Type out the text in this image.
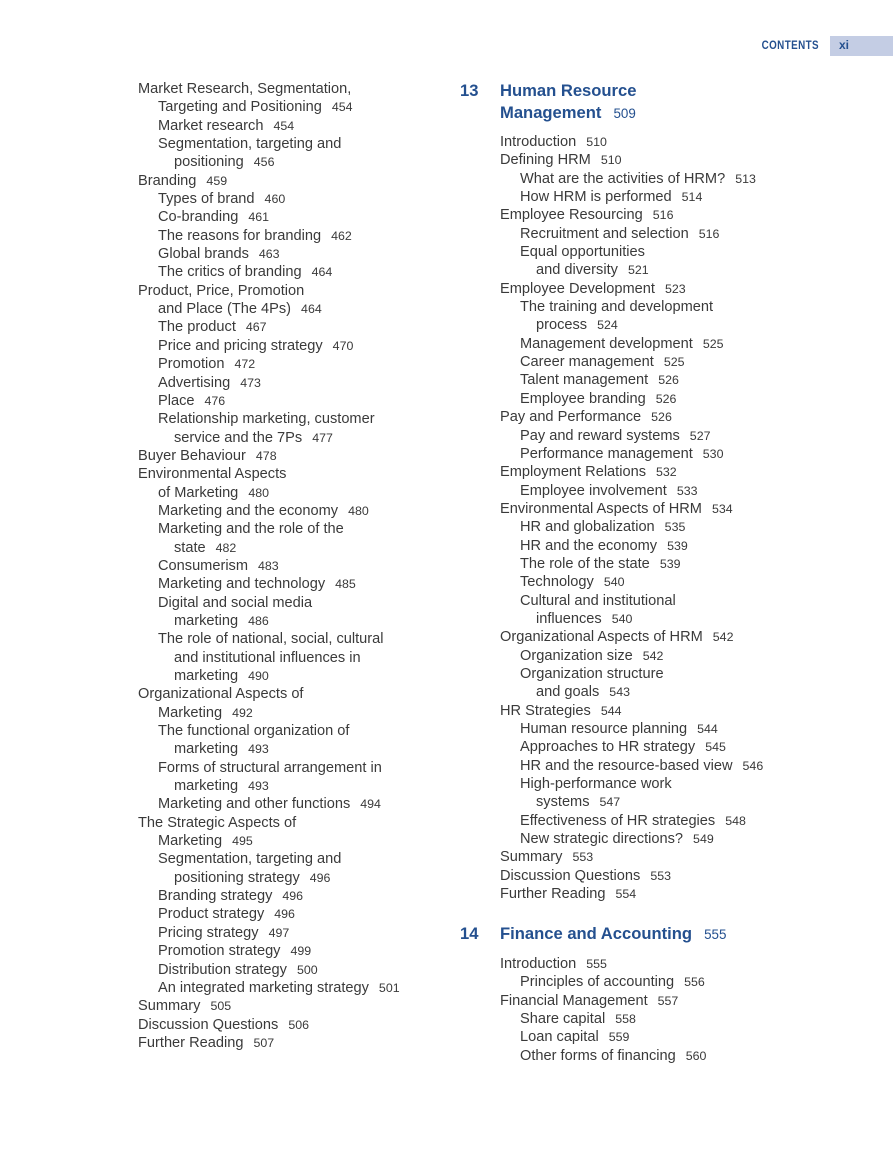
CONTENTS xi
Market Research, Segmentation,
Targeting and Positioning 454
Market research 454
Segmentation, targeting and
positioning 456
Branding 459
Types of brand 460
Co-branding 461
The reasons for branding 462
Global brands 463
The critics of branding 464
Product, Price, Promotion
and Place (The 4Ps) 464
The product 467
Price and pricing strategy 470
Promotion 472
Advertising 473
Place 476
Relationship marketing, customer
service and the 7Ps 477
Buyer Behaviour 478
Environmental Aspects
of Marketing 480
Marketing and the economy 480
Marketing and the role of the
state 482
Consumerism 483
Marketing and technology 485
Digital and social media
marketing 486
The role of national, social, cultural
and institutional influences in
marketing 490
Organizational Aspects of
Marketing 492
The functional organization of
marketing 493
Forms of structural arrangement in
marketing 493
Marketing and other functions 494
The Strategic Aspects of
Marketing 495
Segmentation, targeting and
positioning strategy 496
Branding strategy 496
Product strategy 496
Pricing strategy 497
Promotion strategy 499
Distribution strategy 500
An integrated marketing strategy 501
Summary 505
Discussion Questions 506
Further Reading 507
13 Human Resource
Management 509
Introduction 510
Defining HRM 510
What are the activities of HRM? 513
How HRM is performed 514
Employee Resourcing 516
Recruitment and selection 516
Equal opportunities
and diversity 521
Employee Development 523
The training and development
process 524
Management development 525
Career management 525
Talent management 526
Employee branding 526
Pay and Performance 526
Pay and reward systems 527
Performance management 530
Employment Relations 532
Employee involvement 533
Environmental Aspects of HRM 534
HR and globalization 535
HR and the economy 539
The role of the state 539
Technology 540
Cultural and institutional
influences 540
Organizational Aspects of HRM 542
Organization size 542
Organization structure
and goals 543
HR Strategies 544
Human resource planning 544
Approaches to HR strategy 545
HR and the resource-based view 546
High-performance work
systems 547
Effectiveness of HR strategies 548
New strategic directions? 549
Summary 553
Discussion Questions 553
Further Reading 554
14 Finance and Accounting 555
Introduction 555
Principles of accounting 556
Financial Management 557
Share capital 558
Loan capital 559
Other forms of financing 560
